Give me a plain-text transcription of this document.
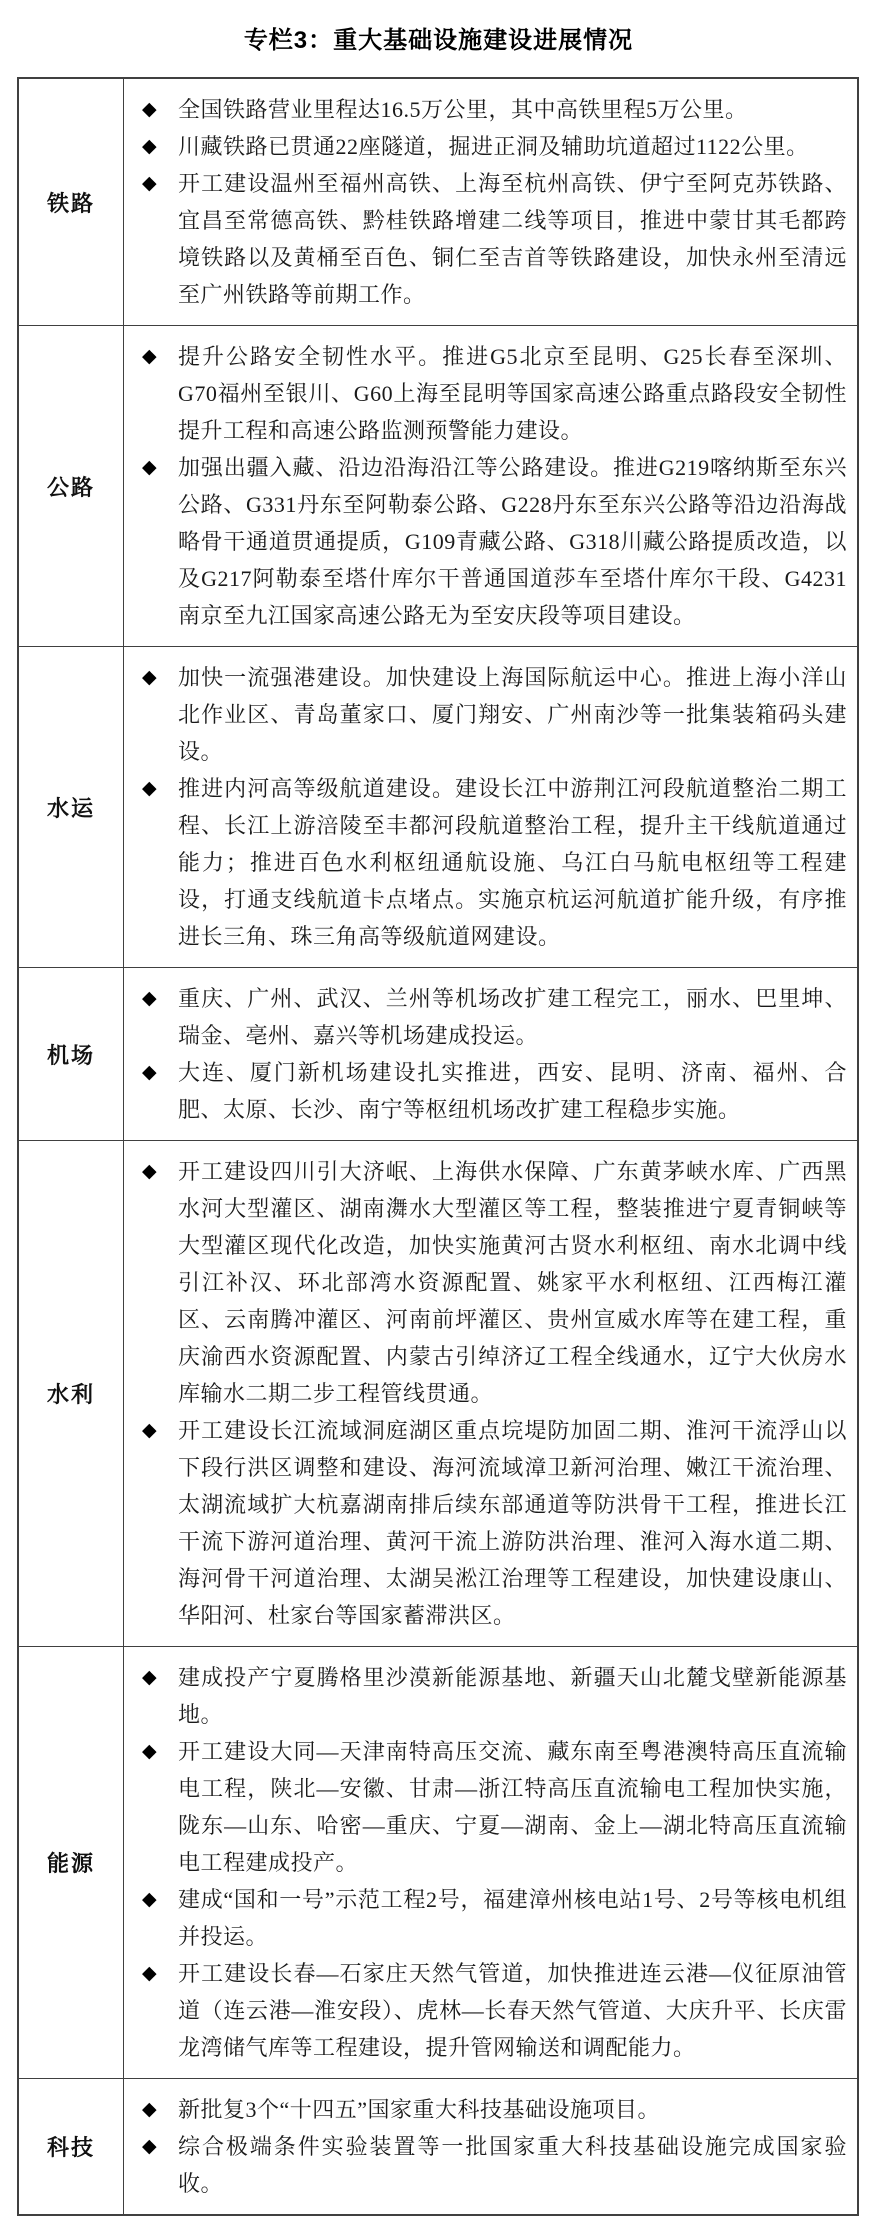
专栏3：重大基础设施建设进展情况
铁路
◆ 全国铁路营业里程达16.5万公里，其中高铁里程5万公里。
◆ 川藏铁路已贯通22座隧道，掘进正洞及辅助坑道超过1122公里。
◆ 开工建设温州至福州高铁、上海至杭州高铁、伊宁至阿克苏铁路、宜昌至常德高铁、黔桂铁路增建二线等项目，推进中蒙甘其毛都跨境铁路以及黄桶至百色、铜仁至吉首等铁路建设，加快永州至清远至广州铁路等前期工作。
公路
◆ 提升公路安全韧性水平。推进G5北京至昆明、G25长春至深圳、G70福州至银川、G60上海至昆明等国家高速公路重点路段安全韧性提升工程和高速公路监测预警能力建设。
◆ 加强出疆入藏、沿边沿海沿江等公路建设。推进G219喀纳斯至东兴公路、G331丹东至阿勒泰公路、G228丹东至东兴公路等沿边沿海战略骨干通道贯通提质，G109青藏公路、G318川藏公路提质改造，以及G217阿勒泰至塔什库尔干普通国道莎车至塔什库尔干段、G4231南京至九江国家高速公路无为至安庆段等项目建设。
水运
◆ 加快一流强港建设。加快建设上海国际航运中心。推进上海小洋山北作业区、青岛董家口、厦门翔安、广州南沙等一批集装箱码头建设。
◆ 推进内河高等级航道建设。建设长江中游荆江河段航道整治二期工程、长江上游涪陵至丰都河段航道整治工程，提升主干线航道通过能力；推进百色水利枢纽通航设施、乌江白马航电枢纽等工程建设，打通支线航道卡点堵点。实施京杭运河航道扩能升级，有序推进长三角、珠三角高等级航道网建设。
机场
◆ 重庆、广州、武汉、兰州等机场改扩建工程完工，丽水、巴里坤、瑞金、亳州、嘉兴等机场建成投运。
◆ 大连、厦门新机场建设扎实推进，西安、昆明、济南、福州、合肥、太原、长沙、南宁等枢纽机场改扩建工程稳步实施。
水利
◆ 开工建设四川引大济岷、上海供水保障、广东黄茅峡水库、广西黑水河大型灌区、湖南㵲水大型灌区等工程，整装推进宁夏青铜峡等大型灌区现代化改造，加快实施黄河古贤水利枢纽、南水北调中线引江补汉、环北部湾水资源配置、姚家平水利枢纽、江西梅江灌区、云南腾冲灌区、河南前坪灌区、贵州宣威水库等在建工程，重庆渝西水资源配置、内蒙古引绰济辽工程全线通水，辽宁大伙房水库输水二期二步工程管线贯通。
◆ 开工建设长江流域洞庭湖区重点垸堤防加固二期、淮河干流浮山以下段行洪区调整和建设、海河流域漳卫新河治理、嫩江干流治理、太湖流域扩大杭嘉湖南排后续东部通道等防洪骨干工程，推进长江干流下游河道治理、黄河干流上游防洪治理、淮河入海水道二期、海河骨干河道治理、太湖吴淞江治理等工程建设，加快建设康山、华阳河、杜家台等国家蓄滞洪区。
能源
◆ 建成投产宁夏腾格里沙漠新能源基地、新疆天山北麓戈壁新能源基地。
◆ 开工建设大同—天津南特高压交流、藏东南至粤港澳特高压直流输电工程，陕北—安徽、甘肃—浙江特高压直流输电工程加快实施，陇东—山东、哈密—重庆、宁夏—湖南、金上—湖北特高压直流输电工程建成投产。
◆ 建成“国和一号”示范工程2号，福建漳州核电站1号、2号等核电机组并投运。
◆ 开工建设长春—石家庄天然气管道，加快推进连云港—仪征原油管道（连云港—淮安段）、虎林—长春天然气管道、大庆升平、长庆雷龙湾储气库等工程建设，提升管网输送和调配能力。
科技
◆ 新批复3个“十四五”国家重大科技基础设施项目。
◆ 综合极端条件实验装置等一批国家重大科技基础设施完成国家验收。
